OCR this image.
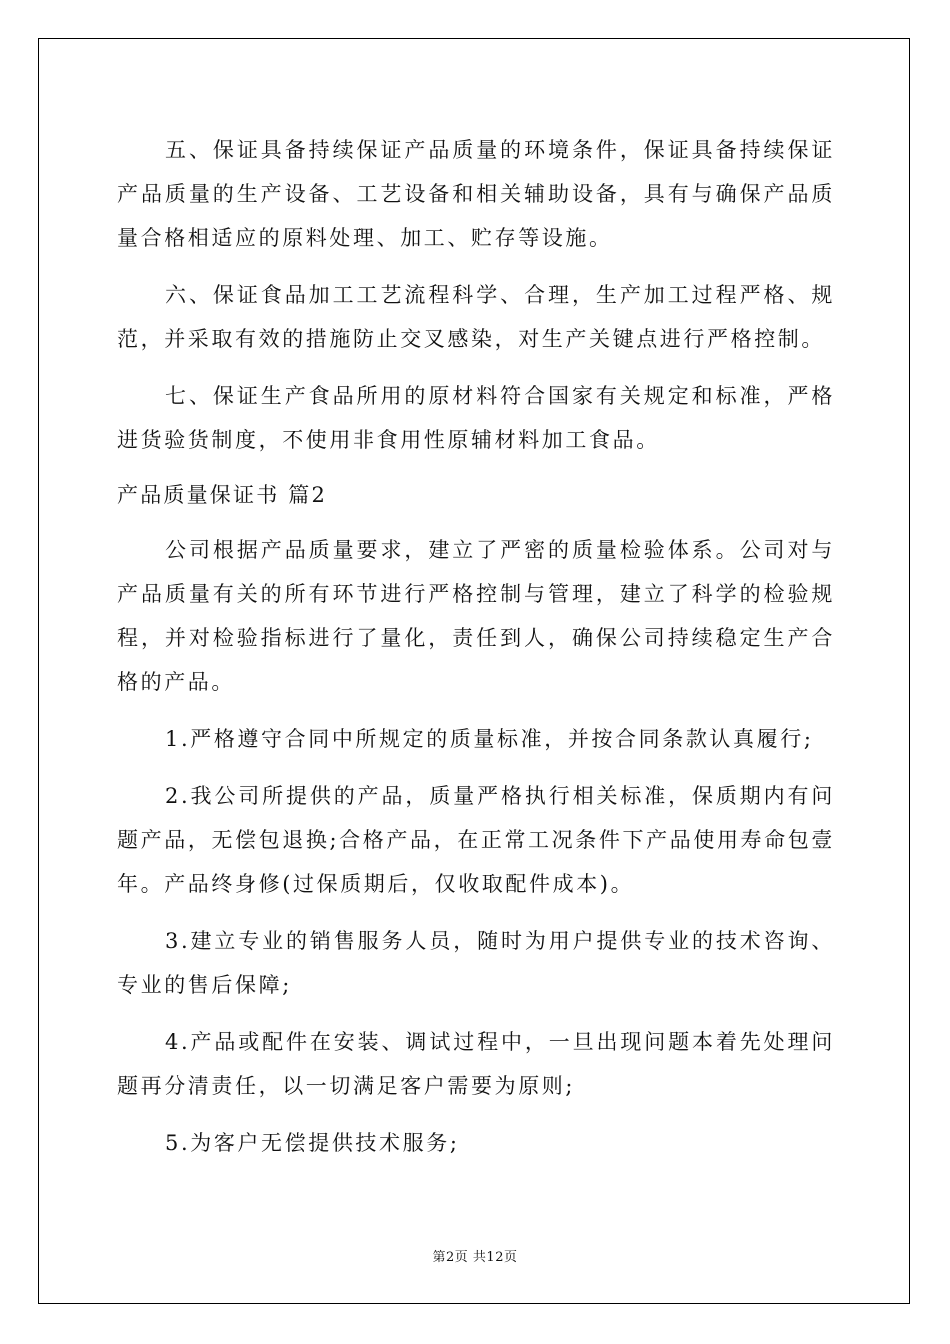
五、保证具备持续保证产品质量的环境条件，保证具备持续保证产品质量的生产设备、工艺设备和相关辅助设备，具有与确保产品质量合格相适应的原料处理、加工、贮存等设施。

六、保证食品加工工艺流程科学、合理，生产加工过程严格、规范，并采取有效的措施防止交叉感染，对生产关键点进行严格控制。

七、保证生产食品所用的原材料符合国家有关规定和标准，严格进货验货制度，不使用非食用性原辅材料加工食品。

产品质量保证书 篇2

公司根据产品质量要求，建立了严密的质量检验体系。公司对与产品质量有关的所有环节进行严格控制与管理，建立了科学的检验规程，并对检验指标进行了量化，责任到人，确保公司持续稳定生产合格的产品。

1.严格遵守合同中所规定的质量标准，并按合同条款认真履行;

2.我公司所提供的产品，质量严格执行相关标准，保质期内有问题产品，无偿包退换;合格产品，在正常工况条件下产品使用寿命包壹年。产品终身修(过保质期后，仅收取配件成本)。

3.建立专业的销售服务人员，随时为用户提供专业的技术咨询、专业的售后保障;

4.产品或配件在安装、调试过程中，一旦出现问题本着先处理问题再分清责任，以一切满足客户需要为原则;

5.为客户无偿提供技术服务;

第2页 共12页
